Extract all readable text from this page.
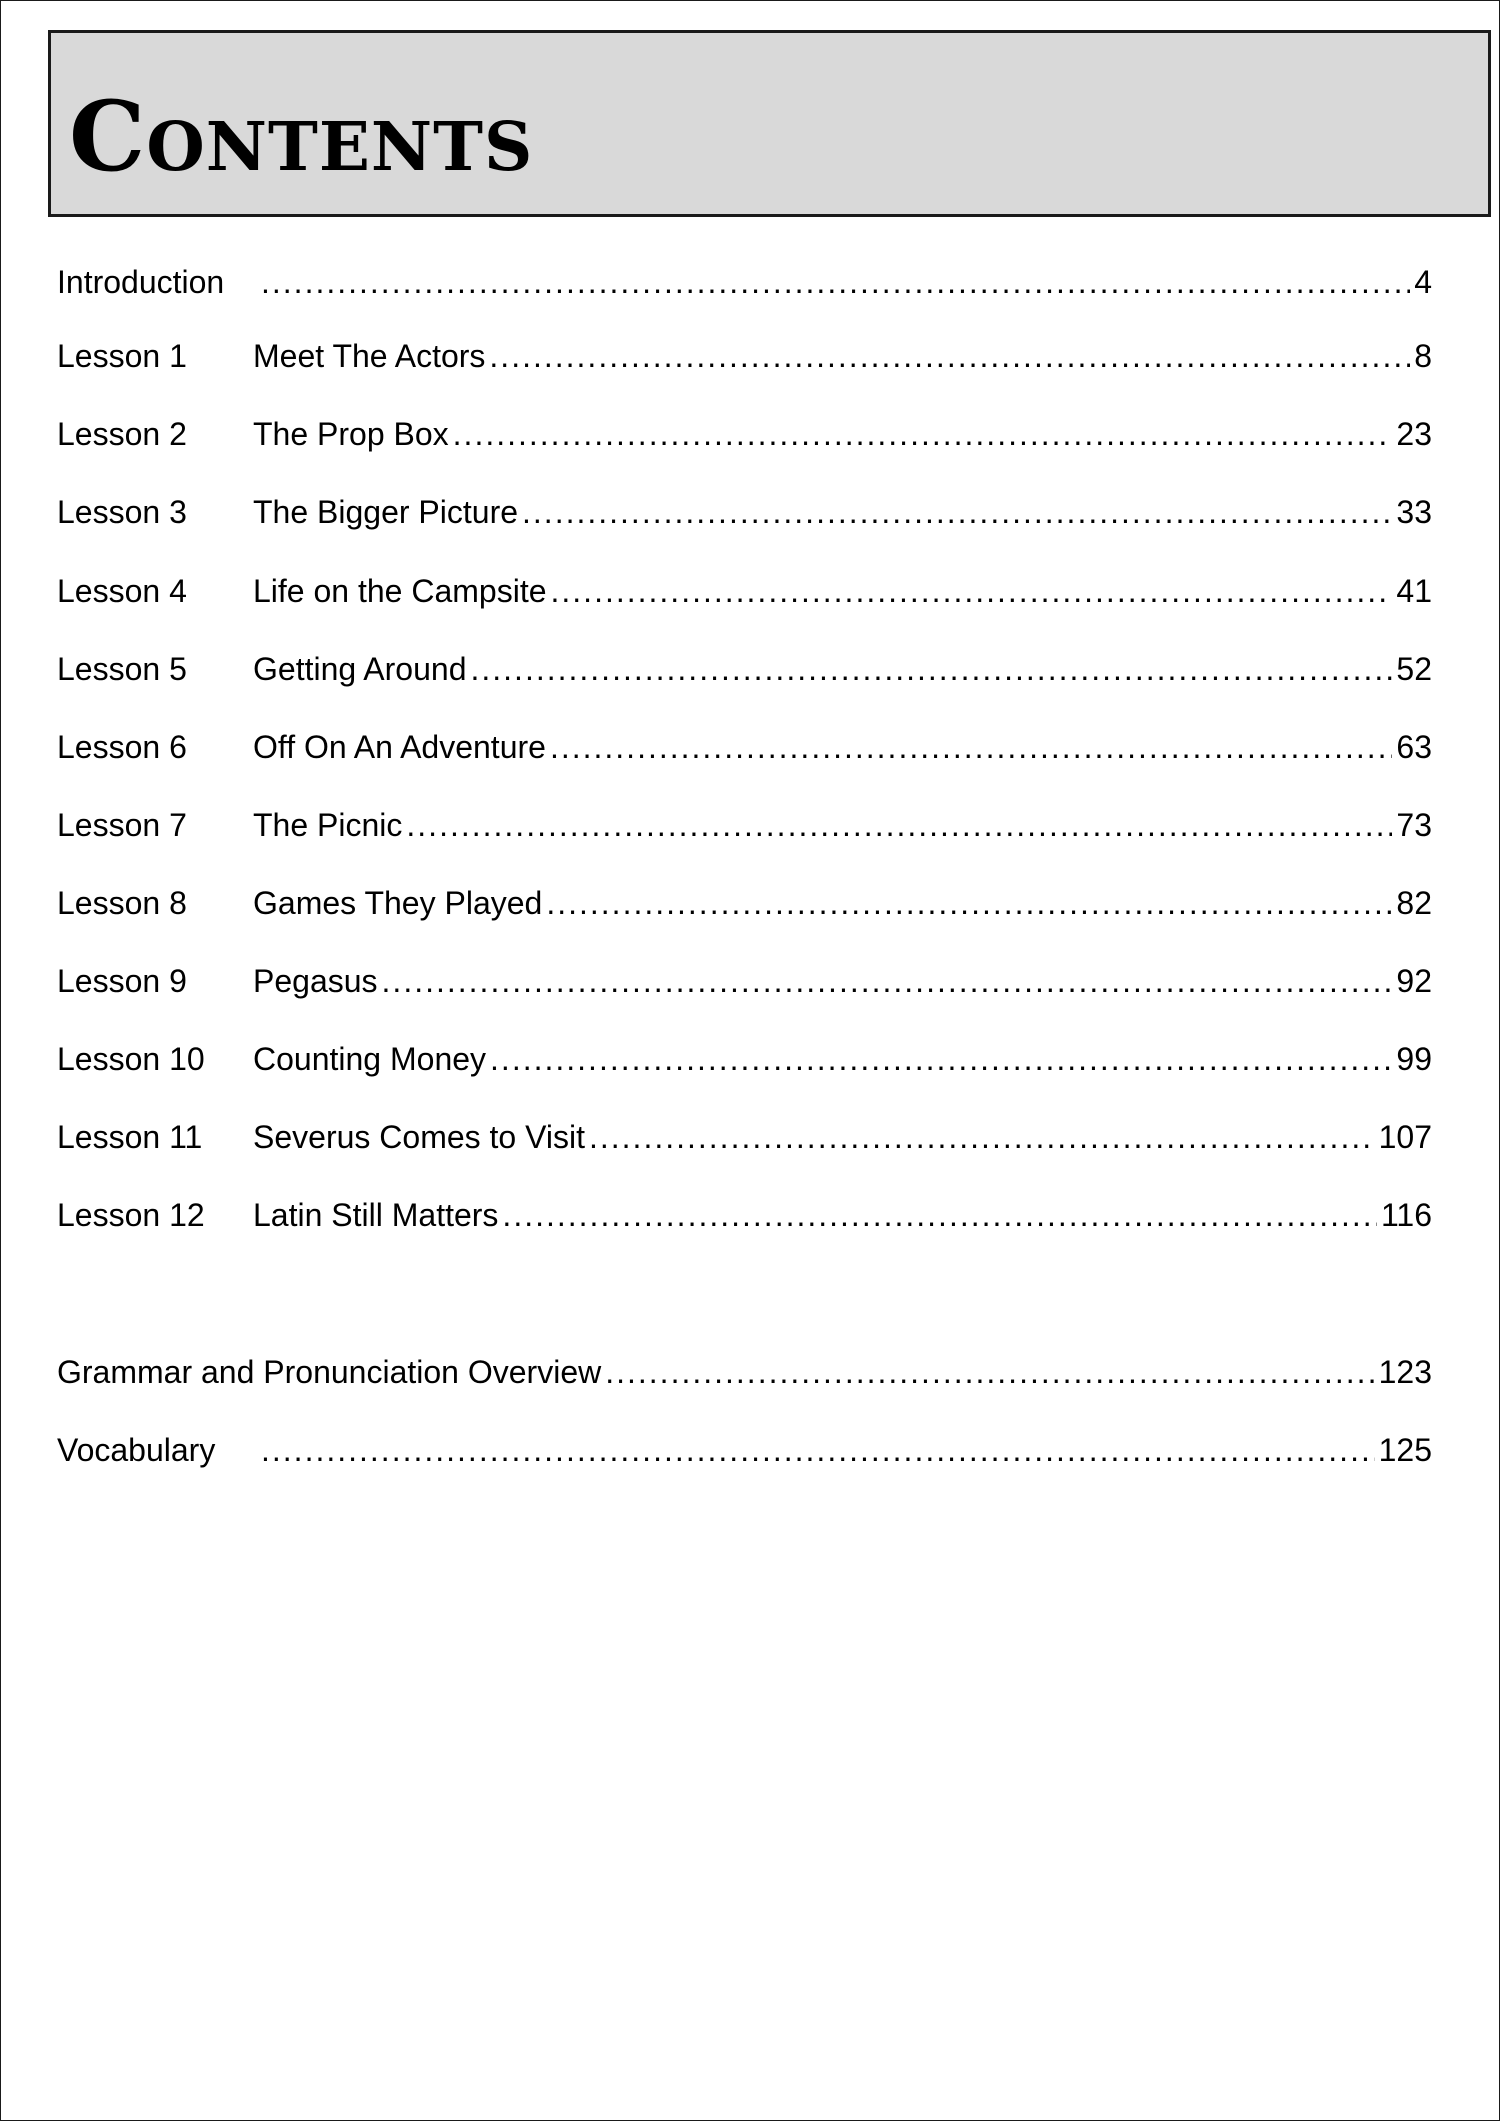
Contents
Introduction .....	4
Lesson 1	Meet The Actors .....	8
Lesson 2	The Prop Box .....	23
Lesson 3	The Bigger Picture .....	33
Lesson 4	Life on the Campsite .....	41
Lesson 5	Getting Around .....	52
Lesson 6	Off On An Adventure .....	63
Lesson 7	The Picnic .....	73
Lesson 8	Games They Played .....	82
Lesson 9	Pegasus .....	92
Lesson 10	Counting Money .....	99
Lesson 11	Severus Comes to Visit .....	107
Lesson 12	Latin Still Matters .....	116
Grammar and Pronunciation Overview .....	123
Vocabulary .....	125
